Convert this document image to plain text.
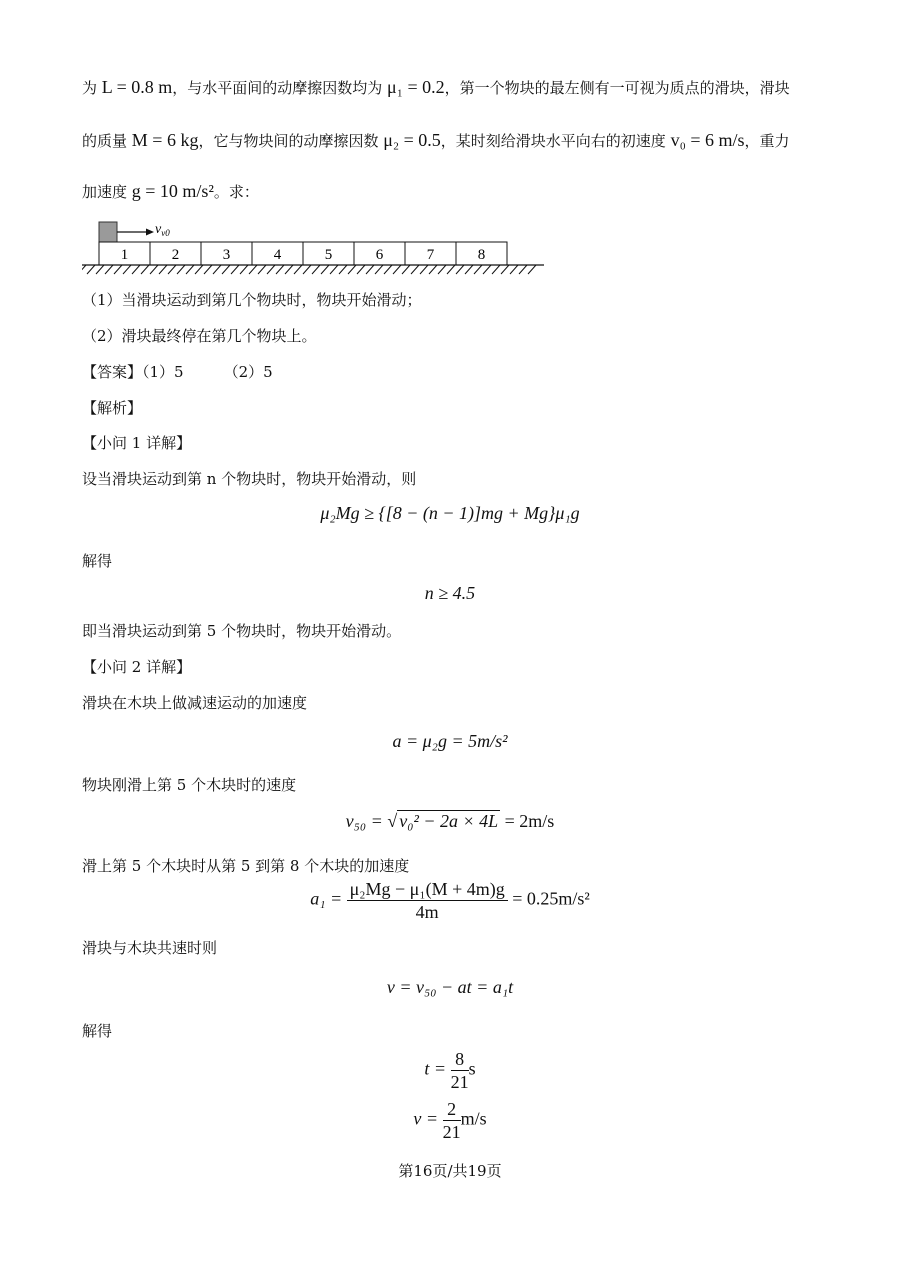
为 L = 0.8 m，与水平面间的动摩擦因数均为 μ₁ = 0.2，第一个物块的最左侧有一可视为质点的滑块，滑块
的质量 M = 6 kg，它与物块间的动摩擦因数 μ₂ = 0.5，某时刻给滑块水平向右的初速度 v₀ = 6 m/s，重力
加速度 g = 10 m/s²。求：
$v_{v0}$
1	2	3	4	5	6	7	8
（1）当滑块运动到第几个物块时，物块开始滑动；
（2）滑块最终停在第几个物块上。
【答案】（1）5	（2）5
【解析】
【小问 1 详解】
设当滑块运动到第 n 个物块时，物块开始滑动，则
μ₂Mg ≥ {[8 − (n − 1)]mg + Mg}μ₁g
解得
n ≥ 4.5
即当滑块运动到第 5 个物块时，物块开始滑动。
【小问 2 详解】
滑块在木块上做减速运动的加速度
a = μ₂g = 5m/s²
物块刚滑上第 5 个木块时的速度
v₅₀ = √ v₀² − 2a × 4L = 2m/s
滑上第 5 个木块时从第 5 到第 8 个木块的加速度
$a_1 = \frac{\text{μ₂Mg − μ₁(M + 4m)g}}{4m} = 0.25m/s^2$
滑块与木块共速时则
v = v₅₀ − at = a₁t
解得
$t = \frac{8}{21}$ s
$v = \frac{2}{21} m/s$
第16页/共19页
